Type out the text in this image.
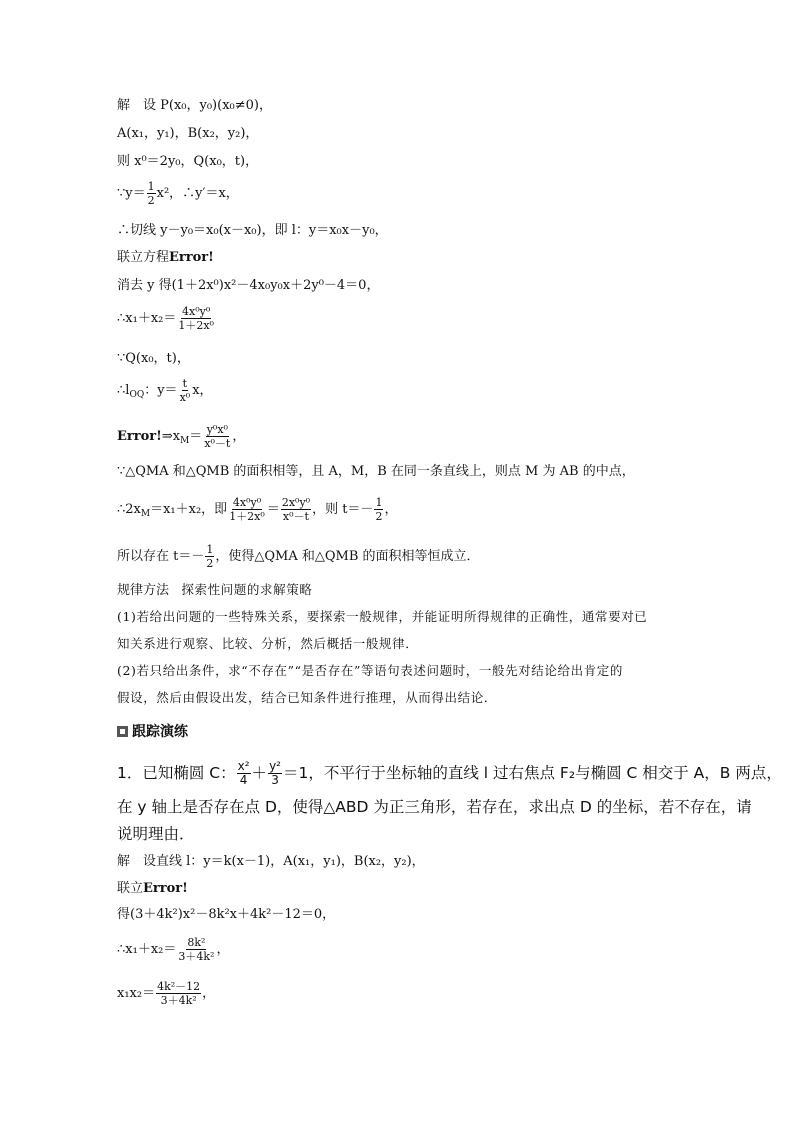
解　设 P(x₀，y₀)(x₀≠0)，
A(x₁，y₁)，B(x₂，y₂)，
则 x⁰＝2y₀，Q(x₀，t)，
∵y＝ $\frac{1}{2} x^2$，∴y′＝x，
∴切线 y－y₀＝x₀(x－x₀)，即 l：y＝x₀x－y₀，
联立方程Error!
消去 y 得(1＋2x⁰)x²－4x₀y₀x＋2y⁰－4＝0，
∴x₁＋x₂＝ $\frac{\text{4x⁰y⁰}}{\text{1＋2x⁰}}$
∵Q(x₀，t)，
$\therefore l_{OQ}$：$y= \frac{t}{\text{x⁰}}$ x，
$Error!\Rightarrow x_M= \frac{\text{y⁰x⁰}}{\text{x⁰－t}}$ ，
∵△QMA 和△QMB 的面积相等，且 A，M，B 在同一条直线上，则点 M 为 AB 的中点，
$\therefore 2x_M=x_1+x_2$，即 $\frac{\text{4x⁰y⁰}}{\text{1＋2x⁰}} = \frac{\text{2x⁰y⁰}}{\text{x⁰－t}}$ ，则 $t=- \frac{1}{2}$ ，
所以存在 $t=- \frac{1}{2}$ ，使得△QMA 和△QMB 的面积相等恒成立．
规律方法 探索性问题的求解策略
(1)若给出问题的一些特殊关系，要探索一般规律，并能证明所得规律的正确性，通常要对已
知关系进行观察、比较、分析，然后概括一般规律．
(2)若只给出条件，求“不存在”“是否存在”等语句表述问题时，一般先对结论给出肯定的
假设，然后由假设出发，结合已知条件进行推理，从而得出结论．
跟踪演练
1．已知椭圆 C： $\frac{\text{x²}}{4} + \frac{\text{y²}}{3} =1$，不平行于坐标轴的直线 l 过右焦点 F₂与椭圆 C 相交于 A，B 两点，
在 y 轴上是否存在点 D，使得△ABD 为正三角形，若存在，求出点 D 的坐标，若不存在，请
说明理由．
解　设直线 l：y＝k(x－1)，A(x₁，y₁)，B(x₂，y₂)，
联立Error!
得(3＋4k²)x²－8k²x＋4k²－12＝0，
∴x₁＋x₂＝ $\frac{\text{8k²}}{\text{3＋4k²}}$ ，
$x_1x_2= \frac{\text{4k²－12}}{\text{3＋4k²}}$ ，
